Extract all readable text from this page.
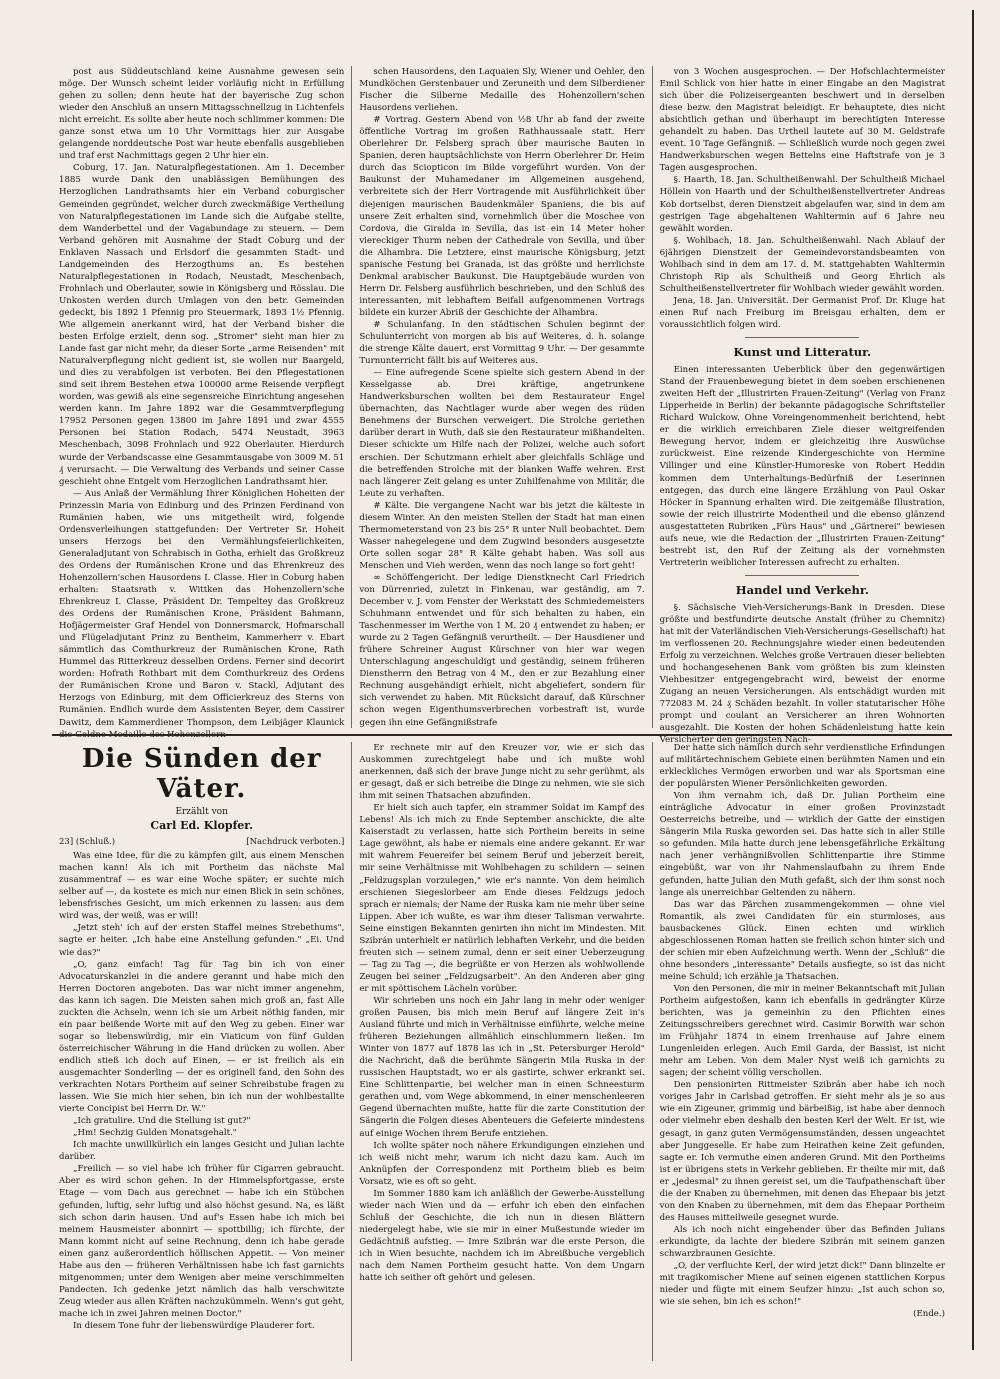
post aus Süddeutschland keine Ausnahme gewesen sein möge. Der Wunsch scheint leider vorläufig nicht in Erfüllung gehen zu sollen; denn heute hat der bayerische Zug schon wieder den Anschluß an unsern Mittagsschnellzug in Lichtenfels nicht erreicht. Es sollte aber heute noch schlimmer kommen: Die ganze sonst etwa um 10 Uhr Vormittags hier zur Ausgabe gelangende norddeutsche Post war heute ebenfalls ausgeblieben und traf erst Nachmittags gegen 2 Uhr hier ein.

Coburg, 17. Jan. Naturalpflegestationen. Am 1. December 1885 wurde Dank den unablässigen Bemühungen des Herzoglichen Landrathsamts hier ein Verband coburgischer Gemeinden gegründet, welcher durch zweckmäßige Vertheilung von Naturalpflegestationen im Lande sich die Aufgabe stellte, dem Wanderbettel und der Vagabundage zu steuern. — Dem Verband gehören mit Ausnahme der Stadt Coburg und der Enklaven Nassach und Erlsdorf die gesammten Stadt- und Landgemeinden des Herzogthums an. Es bestehen Naturalpflegestationen in Rodach, Neustadt, Meschenbach, Frohnlach und Oberlauter, sowie in Königsberg und Rösslau. Die Unkosten werden durch Umlagen von den betr. Gemeinden gedeckt, bis 1892 1 Pfennig pro Steuermark, 1893 1½ Pfennig. Wie allgemein anerkannt wird, hat der Verband bisher die besten Erfolge erzielt, denn sog. „Stromer" sieht man hier zu Lande fast gar nicht mehr, da dieser Sorte „arme Reisenden" mit Naturalverpflegung nicht gedient ist, sie wollen nur Baargeld, und dies zu verabfolgen ist verboten. Bei den Pflegestationen sind seit ihrem Bestehen etwa 100000 arme Reisende verpflegt worden, was gewiß als eine segensreiche Einrichtung angesehen werden kann. Im Jahre 1892 war die Gesammtverpflegung 17952 Personen gegen 13800 im Jahre 1891 und zwar 4555 Personen bei Station Rodach, 5474 Neustadt, 3963 Meschenbach, 3098 Frohnlach und 922 Oberlauter. Hierdurch wurde der Verbandscasse eine Gesammtausgabe von 3009 M. 51 ₰ verursacht. — Die Verwaltung des Verbands und seiner Casse geschieht ohne Entgelt vom Herzoglichen Landrathsamt hier.

— Aus Anlaß der Vermählung Ihrer Königlichen Hoheiten der Prinzessin Maria von Edinburg und des Prinzen Ferdinand von Rumänien haben, wie uns mitgetheilt wird, folgende Ordensverleihungen stattgefunden: Der Vertreter Sr. Hoheit unsers Herzogs bei den Vermählungsfeierlichkeiten, Generaladjutant von Schrabisch in Gotha, erhielt das Großkreuz des Ordens der Rumänischen Krone und das Ehrenkreuz des Hohenzollern'schen Hausordens I. Classe. Hier in Coburg haben erhalten: Staatsrath v. Wittken das Hohenzollern'sche Ehrenkreuz I. Classe, Präsident Dr. Tempeltey das Großkreuz des Ordens der Rumänischen Krone, Präsident Bahmann, Hofjägermeister Graf Hendel von Donnersmarck, Hofmarschall und Flügeladjutant Prinz zu Bentheim, Kammerherr v. Ebart sämmtlich das Comthurkreuz der Rumänischen Krone, Rath Hummel das Ritterkreuz desselben Ordens. Ferner sind decorirt worden: Hofrath Rothbart mit dem Comthurkreuz des Ordens der Rumänischen Krone und Baron v. Stackl, Adjutant des Herzogs von Edinburg, mit dem Officierkreuz des Sterns von Rumänien. Endlich wurde dem Assistenten Beyer, dem Cassirer Dawitz, dem Kammerdiener Thompson, dem Leibjäger Klaunick die Goldne Medaille des Hohenzollern-

schen Hausordens, den Laquaien Sly, Wiener und Oehler, den Mundköchen Gerstenbauer und Zeruneith und dem Silberdiener Fischer die Silberne Medaille des Hohenzollern'schen Hausordens verliehen.

# Vortrag. Gestern Abend von ½8 Uhr ab fand der zweite öffentliche Vortrag im großen Rathhaussaale statt. Herr Oberlehrer Dr. Felsberg sprach über maurische Bauten in Spanien, deren hauptsächlichste von Herrn Oberlehrer Dr. Heim durch das Sciopticon im Bilde vorgeführt wurden. Von der Baukunst der Muhamedaner im Allgemeinen ausgehend, verbreitete sich der Herr Vortragende mit Ausführlichkeit über diejenigen maurischen Baudenkmäler Spaniens, die bis auf unsere Zeit erhalten sind, vornehmlich über die Moschee von Cordova, die Giralda in Sevilla, das ist ein 14 Meter hoher viereckiger Thurm neben der Cathedrale von Sevilla, und über die Alhambra. Die Letztere, einst maurische Königsburg, jetzt spanische Festung bei Granada, ist das größte und herrlichste Denkmal arabischer Baukunst. Die Hauptgebäude wurden von Herrn Dr. Felsberg ausführlich beschrieben, und den Schluß des interessanten, mit lebhaftem Beifall aufgenommenen Vortrags bildete ein kurzer Abriß der Geschichte der Alhambra.

# Schulanfang. In den städtischen Schulen beginnt der Schulunterricht von morgen ab bis auf Weiteres, d. h. solange die strenge Kälte dauert, erst Vormittag 9 Uhr. — Der gesammte Turnunterricht fällt bis auf Weiteres aus.

— Eine aufregende Scene spielte sich gestern Abend in der Kesselgasse ab. Drei kräftige, angetrunkene Handwerksburschen wollten bei dem Restaurateur Engel übernachten, das Nachtlager wurde aber wegen des rüden Benehmens der Burschen verweigert. Die Strolche geriethen darüber derart in Wuth, daß sie den Restaurateur mißhandelten. Dieser schickte um Hilfe nach der Polizei, welche auch sofort erschien. Der Schutzmann erhielt aber gleichfalls Schläge und die betreffenden Strolche mit der blanken Waffe wehren. Erst nach längerer Zeit gelang es unter Zuhilfenahme von Militär, die Leute zu verhaften.

# Kälte. Die vergangene Nacht war bis jetzt die kälteste in diesem Winter. An den meisten Stellen der Stadt hat man einen Thermometerstand von 23 bis 25° R unter Null beobachtet. Dem Wasser nahegelegene und dem Zugwind besonders ausgesetzte Orte sollen sogar 28° R Kälte gehabt haben. Was soll aus Menschen und Vieh werden, wenn das noch lange so fort geht!

∞ Schöffengericht. Der ledige Dienstknecht Carl Friedrich von Dürrenried, zuletzt in Finkenau, war geständig, am 7. December v. J. vom Fenster der Werkstatt des Schmiedemeisters Schuhmann entwendet und für sich behalten zu haben, ein Taschenmesser im Werthe von 1 M. 20 ₰ entwendet zu haben; er wurde zu 2 Tagen Gefängniß verurtheilt. — Der Hausdiener und frühere Schreiner August Kürschner von hier war wegen Unterschlagung angeschuldigt und geständig, seinem früheren Dienstherrn den Betrag von 4 M., den er zur Bezahlung einer Rechnung ausgehändigt erhielt, nicht abgeliefert, sondern für sich verwendet zu haben. Mit Rücksicht darauf, daß Kürschner schon wegen Eigenthumsverbrechen vorbestraft ist, wurde gegen ihn eine Gefängnißstrafe

von 3 Wochen ausgesprochen. — Der Hofschlachtermeister Emil Schlick von hier hatte in einer Eingabe an den Magistrat sich über die Polizeisergeanten beschwert und in derselben diese bezw. den Magistrat beleidigt. Er behauptete, dies nicht absichtlich gethan und überhaupt im berechtigten Interesse gehandelt zu haben. Das Urtheil lautete auf 30 M. Geldstrafe event. 10 Tage Gefängniß. — Schließlich wurde noch gegen zwei Handwerksburschen wegen Bettelns eine Haftstrafe von je 3 Tagen ausgesprochen.

§. Haarth, 18. Jan. Schultheißenwahl. Der Schultheiß Michael Höllein von Haarth und der Schultheißenstellvertreter Andreas Kob dortselbst, deren Dienstzeit abgelaufen war, sind in dem am gestrigen Tage abgehaltenen Wahltermin auf 6 Jahre neu gewählt worden.

§. Wohlbach, 18. Jan. Schultheißenwahl. Nach Ablauf der 6jährigen Dienstzeit der Gemeindevorstandsbeamten von Wohlbach sind in dem am 17. d. M. stattgehabten Wahltermin Christoph Rip als Schultheiß und Georg Ehrlich als Schultheißenstellvertreter für Wohlbach wieder gewählt worden.

Jena, 18. Jan. Universität. Der Germanist Prof. Dr. Kluge hat einen Ruf nach Freiburg im Breisgau erhalten, dem er voraussichtlich folgen wird.

Kunst und Litteratur.

Einen interessanten Ueberblick über den gegenwärtigen Stand der Frauenbewegung bietet in dem soeben erschienenen zweiten Heft der „Illustrirten Frauen-Zeitung" (Verlag von Franz Lipperheide in Berlin) der bekannte pädagogische Schriftsteller Richard Wulckow. Ohne Voreingenommenheit berichtend, hebt er die wirklich erreichbaren Ziele dieser weitgreifenden Bewegung hervor, indem er gleichzeitig ihre Auswüchse zurückweist. Eine reizende Kindergeschichte von Hermine Villinger und eine Künstler-Humoreske von Robert Heddin kommen dem Unterhaltungs-Bedürfniß der Leserinnen entgegen, das durch eine längere Erzählung von Paul Oskar Höcker in Spannung erhalten wird. Die zeitgemäße Illustration, sowie der reich illustrirte Modentheil und die ebenso glänzend ausgestatteten Rubriken „Fürs Haus" und „Gärtnerei" bewiesen aufs neue, wie die Redaction der „Illustrirten Frauen-Zeitung" bestrebt ist, den Ruf der Zeitung als der vornehmsten Vertreterin weiblicher Interessen aufrecht zu erhalten.

Handel und Verkehr.

§. Sächsische Vieh-Versicherungs-Bank in Dresden. Diese größte und bestfundirte deutsche Anstalt (früher zu Chemnitz) hat mit der Vaterländischen Vieh-Versicherungs-Gesellschaft) hat im verflossenen 20. Rechnungsjahre wieder einen bedeutenden Erfolg zu verzeichnen. Welches große Vertrauen dieser beliebten und hochangesehenen Bank vom größten bis zum kleinsten Viehbesitzer entgegengebracht wird, beweist der enorme Zugang an neuen Versicherungen. Als entschädigt wurden mit 772083 M. 24 ₰ Schäden bezahlt. In voller statutarischer Höhe prompt und coulant an Versicherer an ihren Wohnorten ausgezahlt. Die Kosten der hohen Schädenleistung hatte kein Versicherter den geringsten Nach-

Die Sünden der Väter.

Erzählt von

Carl Ed. Klopfer.

23] (Schluß.)	[Nachdruck verboten.]

Was eine Idee, für die zu kämpfen gilt, aus einem Menschen machen kann! Als ich mit Portheim das nächste Mal zusammentraf — es war eine Woche später; er suchte mich selber auf —, da kostete es mich nur einen Blick in sein schönes, lebensfrisches Gesicht, um mich erkennen zu lassen: aus dem wird was, der weiß, was er will!

„Jetzt steh' ich auf der ersten Staffel meines Strebethums", sagte er heiter. „Ich habe eine Anstellung gefunden." „Ei. Und wie das?"

„O, ganz einfach! Tag für Tag bin ich von einer Advocaturskanzlei in die andere gerannt und habe mich den Herren Doctoren angeboten. Das war nicht immer angenehm, das kann ich sagen. Die Meisten sahen mich groß an, fast Alle zuckten die Achseln, wenn ich sie um Arbeit nöthig fanden, mir ein paar beißende Worte mit auf den Weg zu geben. Einer war sogar so liebenswürdig, mir ein Viaticum von fünf Gulden österreichischer Währung in die Hand drücken zu wollen. Aber endlich stieß ich doch auf Einen, — er ist freilich als ein ausgemachter Sonderling — der es originell fand, den Sohn des verkrachten Notars Portheim auf seiner Schreibstube fragen zu lassen. Wie Sie mich hier sehen, bin ich nun der wohlbestallte vierte Concipist bei Herrn Dr. W."

„Ich gratulire. Und die Stellung ist gut?"

„Hm! Sechzig Gulden Monatsgehalt."

Ich machte unwillkürlich ein langes Gesicht und Julian lachte darüber.

„Freilich — so viel habe ich früher für Cigarren gebraucht. Aber es wird schon gehen. In der Himmelspfortgasse, erste Etage — vom Dach aus gerechnet — habe ich ein Stübchen gefunden, luftig, sehr luftig und also höchst gesund. Na, es läßt sich schon darin hausen. Und auf's Essen habe ich mich bei meinem Hausmeister abonnirt — spottbillig; ich fürchte, der Mann kommt nicht auf seine Rechnung, denn ich habe gerade einen ganz außerordentlich höllischen Appetit. — Von meiner Habe aus den — früheren Verhältnissen habe ich fast garnichts mitgenommen; unter dem Wenigen aber meine verschimmelten Pandecten. Ich gedenke jetzt nämlich das halb verschwitzte Zeug wieder aus allen Kräften nachzukümmeln. Wenn's gut geht, mache ich in zwei Jahren meinen Doctor."

In diesem Tone fuhr der liebenswürdige Plauderer fort.

Er rechnete mir auf den Kreuzer vor, wie er sich das Auskommen zurechtgelegt habe und ich mußte wohl anerkennen, daß sich der brave Junge nicht zu sehr gerühmt, als er gesagt, daß er sich betreibe die Dinge zu nehmen, wie sie sich ihm mit seinen Thatsachen abzufinden.

Er hielt sich auch tapfer, ein strammer Soldat im Kampf des Lebens! Als ich mich zu Ende September anschickte, die alte Kaiserstadt zu verlassen, hatte sich Portheim bereits in seine Lage gewöhnt, als habe er niemals eine andere gekannt. Er war mit wahrem Feuereifer bei seinem Beruf und jeberzeit bereit, mir seine Verhältnisse mit Wohlbehagen zu schildern — seinen „Feldzugsplan vorzulegen," wie er's nannte. Von dem heimlich erschienen Siegeslorbeer am Ende dieses Feldzugs jedoch sprach er niemals; der Name der Ruska kam nie mehr über seine Lippen. Aber ich wußte, es war ihm dieser Talisman verwahrte. Seine einstigen Bekannten genirten ihn nicht im Mindesten. Mit Szibrán unterhielt er natürlich lebhaften Verkehr, und die beiden freuten sich — seinem zumal, denn er seit einer Ueberzeugung — Tag zu Tag —, die begrüßte er von Herzen als wohlwollende Zeugen bei seiner „Feldzugsarbeit". An den Anderen aber ging er mit spöttischem Lächeln vorüber.

Wir schrieben uns noch ein Jahr lang in mehr oder weniger großen Pausen, bis mich mein Beruf auf längere Zeit in's Ausland führte und mich in Verhältnisse einführte, welche meine früheren Beziehungen allmählich einschlummern ließen. Im Winter von 1877 auf 1878 las ich in „St. Petersburger Herold" die Nachricht, daß die berühmte Sängerin Mila Ruska in der russischen Hauptstadt, wo er als gastirte, schwer erkrankt sei. Eine Schlittenpartie, bei welcher man in einen Schneesturm gerathen und, vom Wege abkommend, in einer menschenleeren Gegend übernachten mußte, hatte für die zarte Constitution der Sängerin die Folgen dieses Abenteuers die Gefeierte mindestens auf einige Wochen ihrem Berufe entziehen.

Ich wollte später noch nähere Erkundigungen einziehen und ich weiß nicht mehr, warum ich nicht dazu kam. Auch im Anknüpfen der Correspondenz mit Portheim blieb es beim Vorsatz, wie es oft so geht.

Im Sommer 1880 kam ich anläßlich der Gewerbe-Ausstellung wieder nach Wien und da — erfuhr ich eben den einfachen Schluß der Geschichte, die ich nun in diesen Blättern niedergelegt habe, wie sie mir in einer Mußestunde wieder im Gedächtniß aufstieg. — Imre Szibrán war die erste Person, die ich in Wien besuchte, nachdem ich im Abreißbuche vergeblich nach dem Namen Portheim gesucht hatte. Von dem Ungarn hatte ich seither oft gehört und gelesen.

Der hatte sich nämlich durch sehr verdienstliche Erfindungen auf militärtechnischem Gebiete einen berühmten Namen und ein erkleckliches Vermögen erworben und war als Sportsman eine der populärsten Wiener Persönlichkeiten geworden.

Von ihm vernahm ich, daß Dr. Julian Portheim eine einträgliche Advocatur in einer großen Provinzstadt Oesterreichs betreibe, und — wirklich der Gatte der einstigen Sängerin Mila Ruska geworden sei. Das hatte sich in aller Stille so gefunden. Mila hatte durch jene lebensgefährliche Erkältung nach jener verhängnißvollen Schlittenpartie ihre Stimme eingebüßt, war von ihr Nahmenslaufbahn zu ihrem Ende gefunden, hatte Julian den Muth gefaßt, sich der ihm sonst noch lange als unerreichbar Geltenden zu nähern.

Das war das Pärchen zusammengekommen — ohne viel Romantik, als zwei Candidaten für ein sturmloses, aus bausbackenes Glück. Einen echten und wirklich abgeschlossenen Roman hatten sie freilich schon hinter sich und der schien mir eben Aufzeichnung werth. Wenn der „Schluß" die ohne besonders „interessante" Details ausfiegte, so ist das nicht meine Schuld; ich erzähle ja Thatsachen.

Von den Personen, die mir in meiner Bekanntschaft mit Julian Portheim aufgestoßen, kann ich ebenfalls in gedrängter Kürze berichten, was ja gemeinhin zu den Pflichten eines Zeitungsschreibers gerechnet wird. Casimir Borwith war schon im Frühjahr 1874 in einem Irrenhause auf Jahre einem Lungenleiden erlegen. Auch Emil Garda, der Bassist, ist nicht mehr am Leben. Von dem Maler Nyst weiß ich garnichts zu sagen; der scheint völlig verschollen.

Den pensionirten Rittmeister Szibrán aber habe ich noch voriges Jahr in Carlsbad getroffen. Er sieht mehr als je so aus wie ein Zigeuner, grimmig und bärbeißig, ist habe aber dennoch oder vielmehr eben deshalb den besten Kerl der Welt. Er ist, wie gesagt, in ganz guten Vermögensumständen, dessen ungeachtet aber Junggeselle. Er habe zum Heirathen keine Zeit gefunden, sagte er. Ich vermuthe einen anderen Grund. Mit den Portheims ist er übrigens stets in Verkehr geblieben. Er theilte mir mit, daß er „jedesmal" zu ihnen gereist sei, um die Taufpathenschaft über die der Knaben zu übernehmen, mit denen das Ehepaar bis jetzt von den Knaben zu übernehmen, mit dem das Ehepaar Portheim des Hauses mitteilweile gesegnet wurde.

Als ich noch nicht eingehender über das Befinden Julians erkundigte, da lachte der biedere Szibrán mit seinem ganzen schwarzbraunen Gesichte.

„O, der verfluchte Kerl, der wird jetzt dick!" Dann blinzelte er mit tragikomischer Miene auf seinen eigenen stattlichen Korpus nieder und fügte mit einem Seufzer hinzu: „Ist auch schon so, wie sie sehen, bin ich es schon!"

(Ende.)
